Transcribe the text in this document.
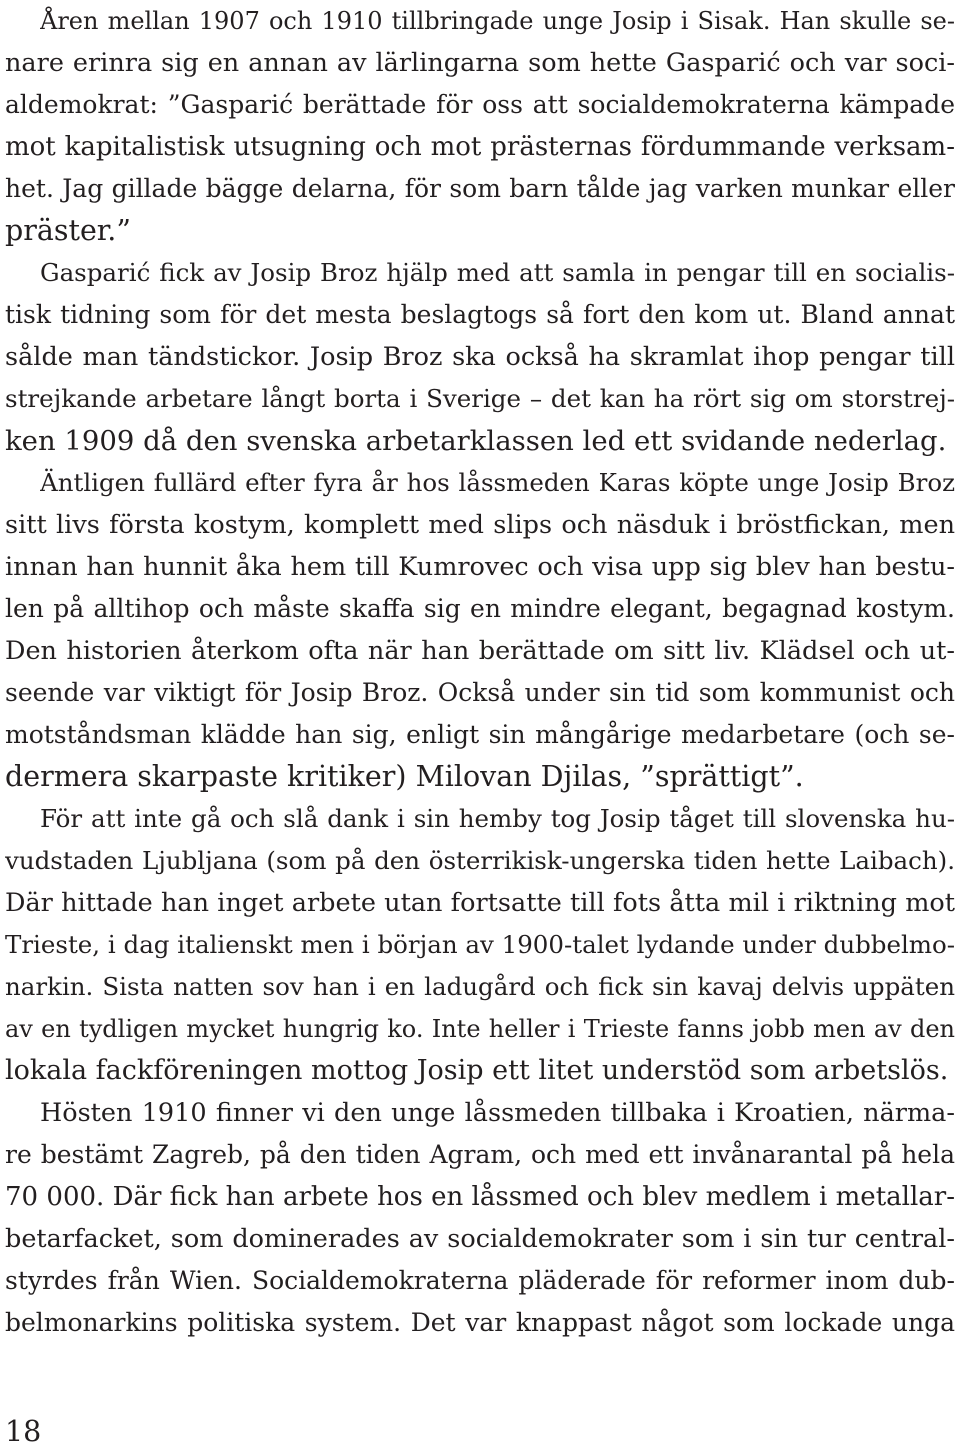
Åren mellan 1907 och 1910 tillbringade unge Josip i Sisak. Han skulle se-
nare erinra sig en annan av lärlingarna som hette Gasparić och var soci-
aldemokrat: ”Gasparić berättade för oss att socialdemokraterna kämpade
mot kapitalistisk utsugning och mot prästernas fördummande verksam-
het. Jag gillade bägge delarna, för som barn tålde jag varken munkar eller
präster.”
Gasparić fick av Josip Broz hjälp med att samla in pengar till en socialis-
tisk tidning som för det mesta beslagtogs så fort den kom ut. Bland annat
sålde man tändstickor. Josip Broz ska också ha skramlat ihop pengar till
strejkande arbetare långt borta i Sverige – det kan ha rört sig om storstrej-
ken 1909 då den svenska arbetarklassen led ett svidande nederlag.
Äntligen fullärd efter fyra år hos låssmeden Karas köpte unge Josip Broz
sitt livs första kostym, komplett med slips och näsduk i bröstfickan, men
innan han hunnit åka hem till Kumrovec och visa upp sig blev han bestu-
len på alltihop och måste skaffa sig en mindre elegant, begagnad kostym.
Den historien återkom ofta när han berättade om sitt liv. Klädsel och ut-
seende var viktigt för Josip Broz. Också under sin tid som kommunist och
motståndsman klädde han sig, enligt sin mångårige medarbetare (och se-
dermera skarpaste kritiker) Milovan Djilas, ”sprättigt”.
För att inte gå och slå dank i sin hemby tog Josip tåget till slovenska hu-
vudstaden Ljubljana (som på den österrikisk-ungerska tiden hette Laibach).
Där hittade han inget arbete utan fortsatte till fots åtta mil i riktning mot
Trieste, i dag italienskt men i början av 1900-talet lydande under dubbelmo-
narkin. Sista natten sov han i en ladugård och fick sin kavaj delvis uppäten
av en tydligen mycket hungrig ko. Inte heller i Trieste fanns jobb men av den
lokala fackföreningen mottog Josip ett litet understöd som arbetslös.
Hösten 1910 finner vi den unge låssmeden tillbaka i Kroatien, närma-
re bestämt Zagreb, på den tiden Agram, och med ett invånarantal på hela
70 000. Där fick han arbete hos en låssmed och blev medlem i metallar-
betarfacket, som dominerades av socialdemokrater som i sin tur central-
styrdes från Wien. Socialdemokraterna pläderade för reformer inom dub-
belmonarkins politiska system. Det var knappast något som lockade unga
18
